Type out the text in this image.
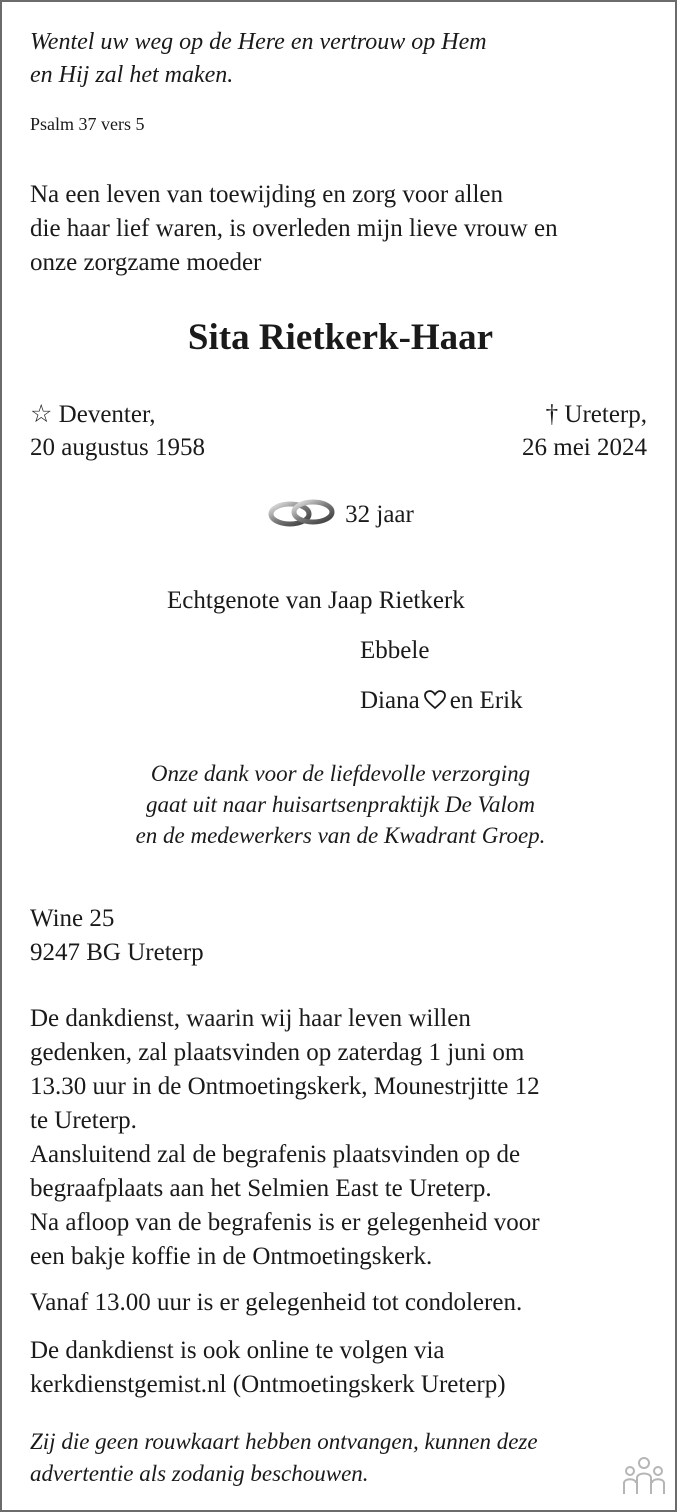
Wentel uw weg op de Here en vertrouw op Hem
en Hij zal het maken.
Psalm 37 vers 5
Na een leven van toewijding en zorg voor allen
die haar lief waren, is overleden mijn lieve vrouw en
onze zorgzame moeder
Sita Rietkerk-Haar
☆ Deventer,
20 augustus 1958
† Ureterp,
26 mei 2024
32 jaar
Echtgenote van Jaap Rietkerk
Ebbele
Diana en Erik
Onze dank voor de liefdevolle verzorging
gaat uit naar huisartsenpraktijk De Valom
en de medewerkers van de Kwadrant Groep.
Wine 25
9247 BG Ureterp
De dankdienst, waarin wij haar leven willen
gedenken, zal plaatsvinden op zaterdag 1 juni om
13.30 uur in de Ontmoetingskerk, Mounestrjitte 12
te Ureterp.
Aansluitend zal de begrafenis plaatsvinden op de
begraafplaats aan het Selmien East te Ureterp.
Na afloop van de begrafenis is er gelegenheid voor
een bakje koffie in de Ontmoetingskerk.
Vanaf 13.00 uur is er gelegenheid tot condoleren.
De dankdienst is ook online te volgen via
kerkdienstgemist.nl (Ontmoetingskerk Ureterp)
Zij die geen rouwkaart hebben ontvangen, kunnen deze
advertentie als zodanig beschouwen.
